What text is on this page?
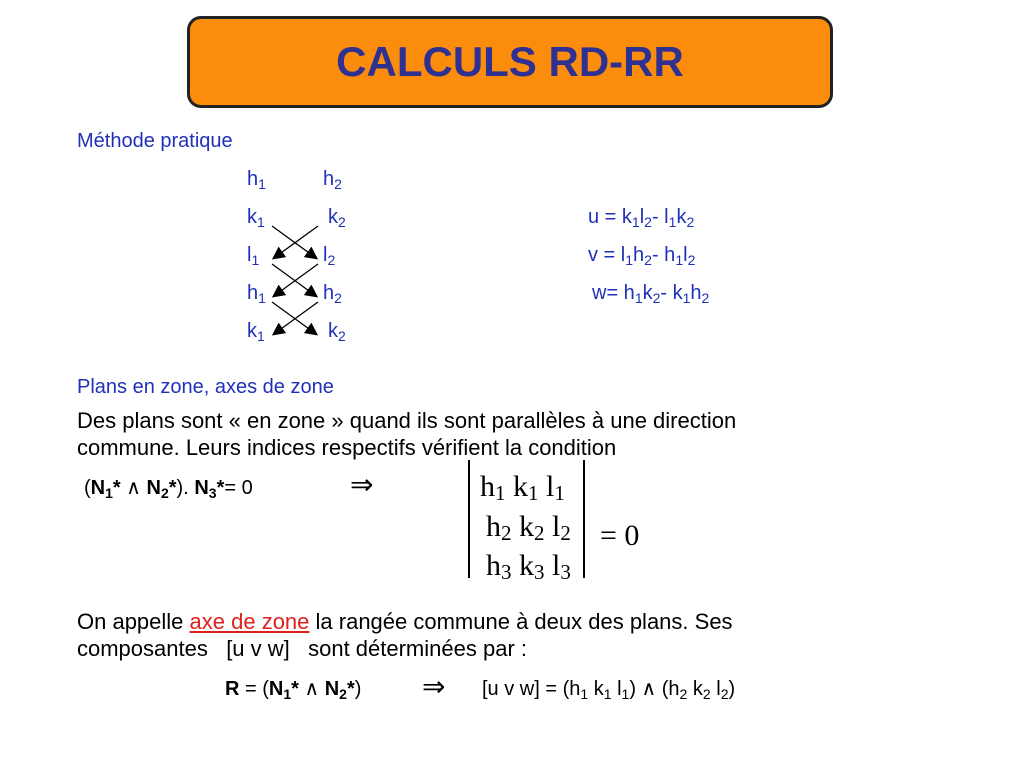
CALCULS RD-RR
Méthode pratique
$h_1$	$h_2$
$k_1$	$k_2$
$l_1$	$l_2$
$h_1$	$h_2$
$k_1$	$k_2$
$u = k_1l_2-$ $l_1k_2$
$v = l_1h_2-$ $h_1l_2$
$w= h_1k_2-$ $k_1h_2$
Plans en zone, axes de zone
Des plans sont « en zone » quand ils sont parallèles à une direction
commune. Leurs indices respectifs vérifient la condition
($N_1*$ ∧ $N_2*$). $N_3*= 0$	⇒	$h_1$ $k_1$ $l_1$
$h_2$ $k_2$ $l_2$
$h_3$ $k_3$ $l_3$
= 0
On appelle axe de zone la rangée commune à deux des plans. Ses
composantes   [u v w]   sont déterminées par :
$R = (N_1*$ ∧ $N_2*$) ⇒ [u v $w] = (h_1$ $k_1$ $l_1$) ∧ ($h_2$ $k_2$ $l_2$)
